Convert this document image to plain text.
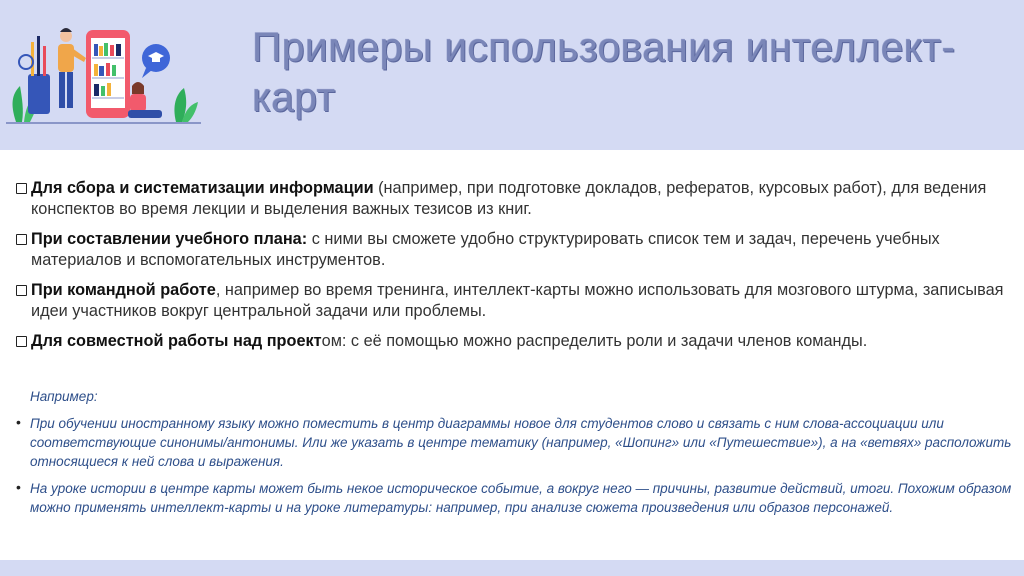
Примеры использования интеллект-карт
Для сбора и систематизации информации (например, при подготовке докладов, рефератов, курсовых работ), для ведения конспектов во время лекции и выделения важных тезисов из книг.
При составлении учебного плана: с ними вы сможете удобно структурировать список тем и задач, перечень учебных материалов и вспомогательных инструментов.
При командной работе, например во время тренинга, интеллект-карты можно использовать для мозгового штурма, записывая идеи участников вокруг центральной задачи или проблемы.
Для совместной работы над проектом: с её помощью можно распределить роли и задачи членов команды.
Например:
• При обучении иностранному языку можно поместить в центр диаграммы новое для студентов слово и связать с ним слова-ассоциации или соответствующие синонимы/антонимы. Или же указать в центре тематику (например, «Шопинг» или «Путешествие»), а на «ветвях» расположить относящиеся к ней слова и выражения.
• На уроке истории в центре карты может быть некое историческое событие, а вокруг него — причины, развитие действий, итоги. Похожим образом можно применять интеллект-карты и на уроке литературы: например, при анализе сюжета произведения или образов персонажей.
